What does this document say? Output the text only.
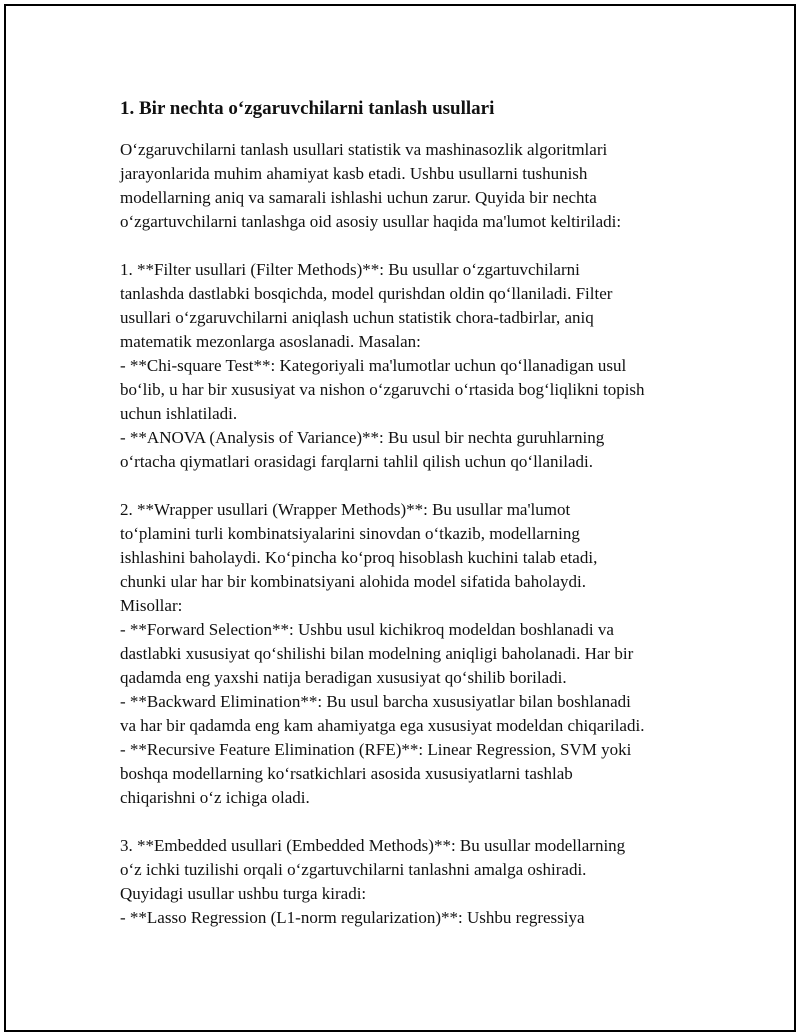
1. Bir nechta o‘zgaruvchilarni tanlash usullari

O‘zgaruvchilarni tanlash usullari statistik va mashinasozlik algoritmlari
jarayonlarida muhim ahamiyat kasb etadi. Ushbu usullarni tushunish
modellarning aniq va samarali ishlashi uchun zarur. Quyida bir nechta
o‘zgartuvchilarni tanlashga oid asosiy usullar haqida ma'lumot keltiriladi:

1. **Filter usullari (Filter Methods)**: Bu usullar o‘zgartuvchilarni
tanlashda dastlabki bosqichda, model qurishdan oldin qo‘llaniladi. Filter
usullari o‘zgaruvchilarni aniqlash uchun statistik chora-tadbirlar, aniq
matematik mezonlarga asoslanadi. Masalan:
- **Chi-square Test**: Kategoriyali ma'lumotlar uchun qo‘llanadigan usul
bo‘lib, u har bir xususiyat va nishon o‘zgaruvchi o‘rtasida bog‘liqlikni topish
uchun ishlatiladi.
- **ANOVA (Analysis of Variance)**: Bu usul bir nechta guruhlarning
o‘rtacha qiymatlari orasidagi farqlarni tahlil qilish uchun qo‘llaniladi.

2. **Wrapper usullari (Wrapper Methods)**: Bu usullar ma'lumot
to‘plamini turli kombinatsiyalarini sinovdan o‘tkazib, modellarning
ishlashini baholaydi. Ko‘pincha ko‘proq hisoblash kuchini talab etadi,
chunki ular har bir kombinatsiyani alohida model sifatida baholaydi.
Misollar:
- **Forward Selection**: Ushbu usul kichikroq modeldan boshlanadi va
dastlabki xususiyat qo‘shilishi bilan modelning aniqligi baholanadi. Har bir
qadamda eng yaxshi natija beradigan xususiyat qo‘shilib boriladi.
- **Backward Elimination**: Bu usul barcha xususiyatlar bilan boshlanadi
va har bir qadamda eng kam ahamiyatga ega xususiyat modeldan chiqariladi.
- **Recursive Feature Elimination (RFE)**: Linear Regression, SVM yoki
boshqa modellarning ko‘rsatkichlari asosida xususiyatlarni tashlab
chiqarishni o‘z ichiga oladi.

3. **Embedded usullari (Embedded Methods)**: Bu usullar modellarning
o‘z ichki tuzilishi orqali o‘zgartuvchilarni tanlashni amalga oshiradi.
Quyidagi usullar ushbu turga kiradi:
- **Lasso Regression (L1-norm regularization)**: Ushbu regressiya
